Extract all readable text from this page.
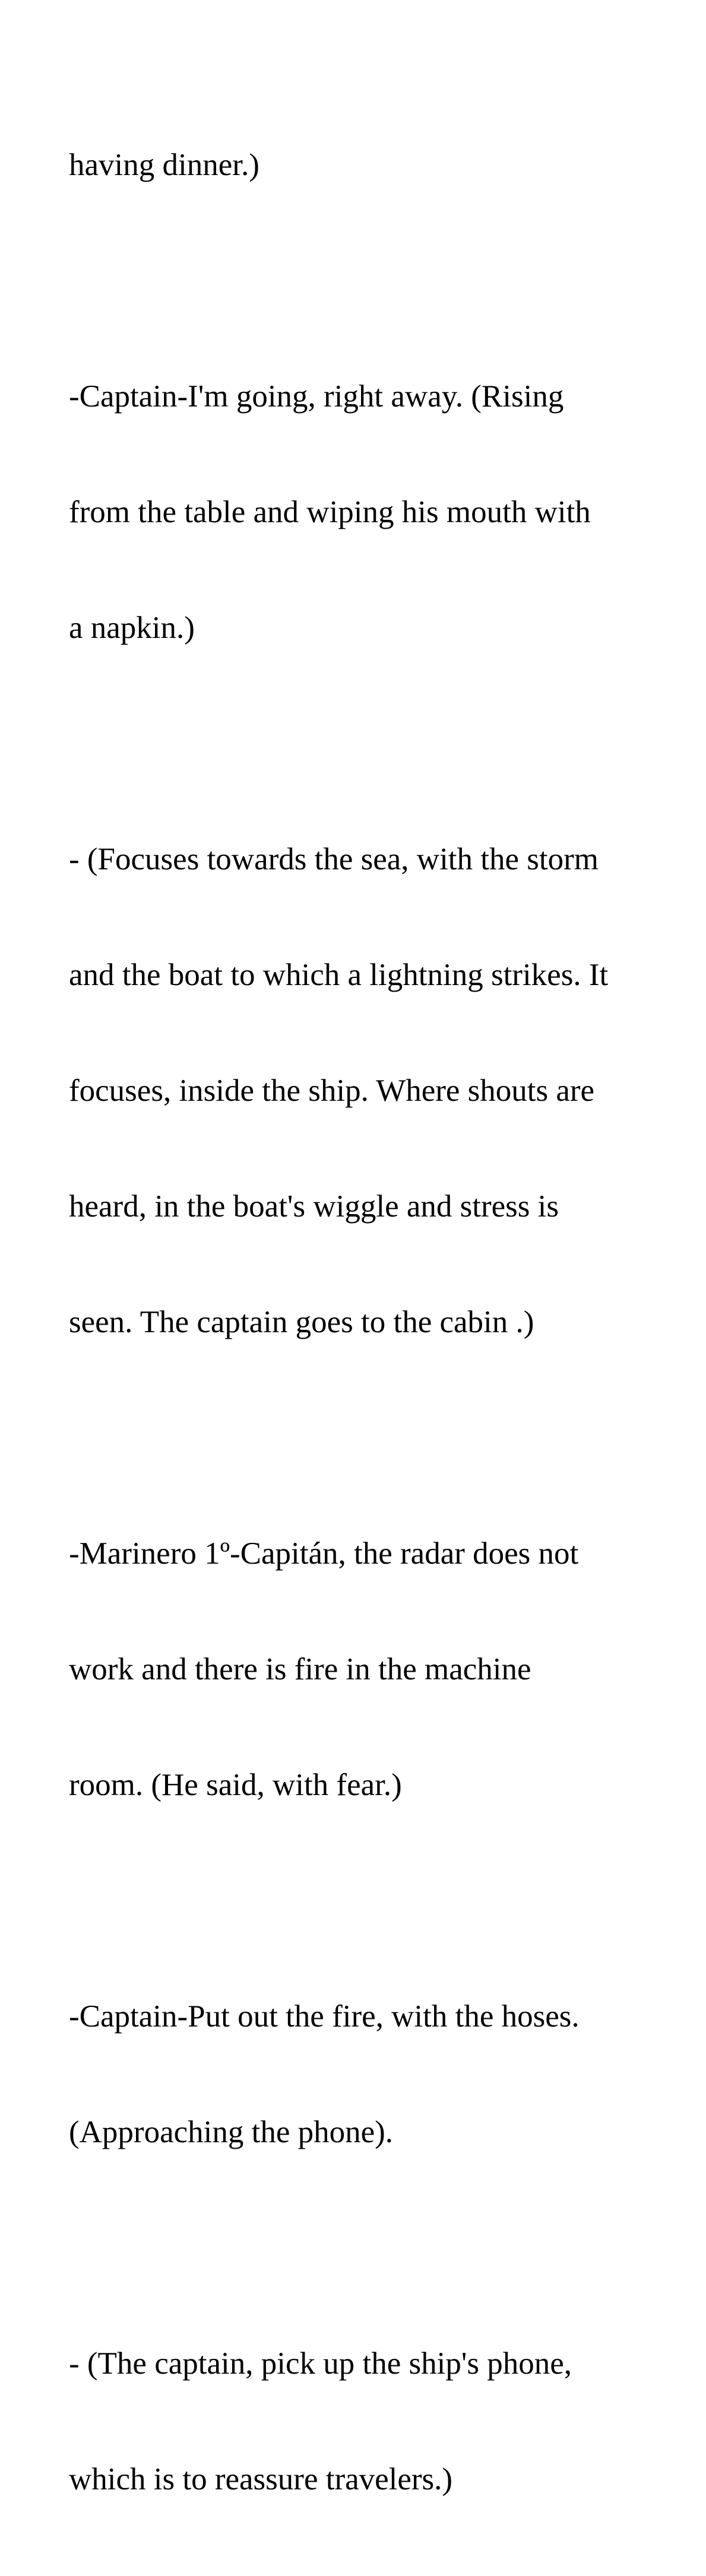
having dinner.)

-Captain-I'm going, right away. (Rising

from the table and wiping his mouth with

a napkin.)

- (Focuses towards the sea, with the storm

and the boat to which a lightning strikes. It

focuses, inside the ship. Where shouts are

heard, in the boat's wiggle and stress is

seen. The captain goes to the cabin .)

-Marinero 1º-Capitán, the radar does not

work and there is fire in the machine

room. (He said, with fear.)

-Captain-Put out the fire, with the hoses.

(Approaching the phone).

- (The captain, pick up the ship's phone,

which is to reassure travelers.)
